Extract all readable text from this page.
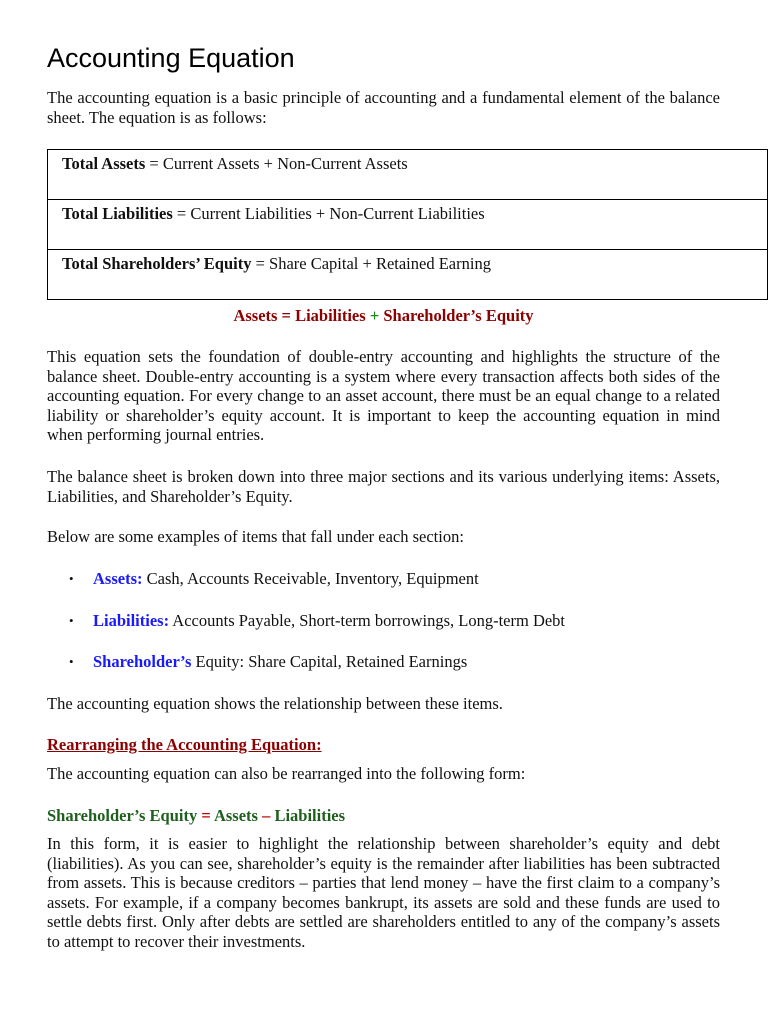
Accounting Equation

The accounting equation is a basic principle of accounting and a fundamental element of the balance sheet. The equation is as follows:

Total Assets = Current Assets + Non-Current Assets
Total Liabilities = Current Liabilities + Non-Current Liabilities
Total Shareholders’ Equity = Share Capital + Retained Earning
Assets = Liabilities + Shareholder’s Equity

This equation sets the foundation of double-entry accounting and highlights the structure of the balance sheet. Double-entry accounting is a system where every transaction affects both sides of the accounting equation. For every change to an asset account, there must be an equal change to a related liability or shareholder’s equity account. It is important to keep the accounting equation in mind when performing journal entries.

The balance sheet is broken down into three major sections and its various underlying items: Assets, Liabilities, and Shareholder’s Equity.

Below are some examples of items that fall under each section:

• Assets: Cash, Accounts Receivable, Inventory, Equipment
• Liabilities: Accounts Payable, Short-term borrowings, Long-term Debt
• Shareholder’s Equity: Share Capital, Retained Earnings

The accounting equation shows the relationship between these items.

Rearranging the Accounting Equation:

The accounting equation can also be rearranged into the following form:

Shareholder’s Equity = Assets – Liabilities

In this form, it is easier to highlight the relationship between shareholder’s equity and debt (liabilities). As you can see, shareholder’s equity is the remainder after liabilities has been subtracted from assets. This is because creditors – parties that lend money – have the first claim to a company’s assets. For example, if a company becomes bankrupt, its assets are sold and these funds are used to settle debts first. Only after debts are settled are shareholders entitled to any of the company’s assets to attempt to recover their investments.
